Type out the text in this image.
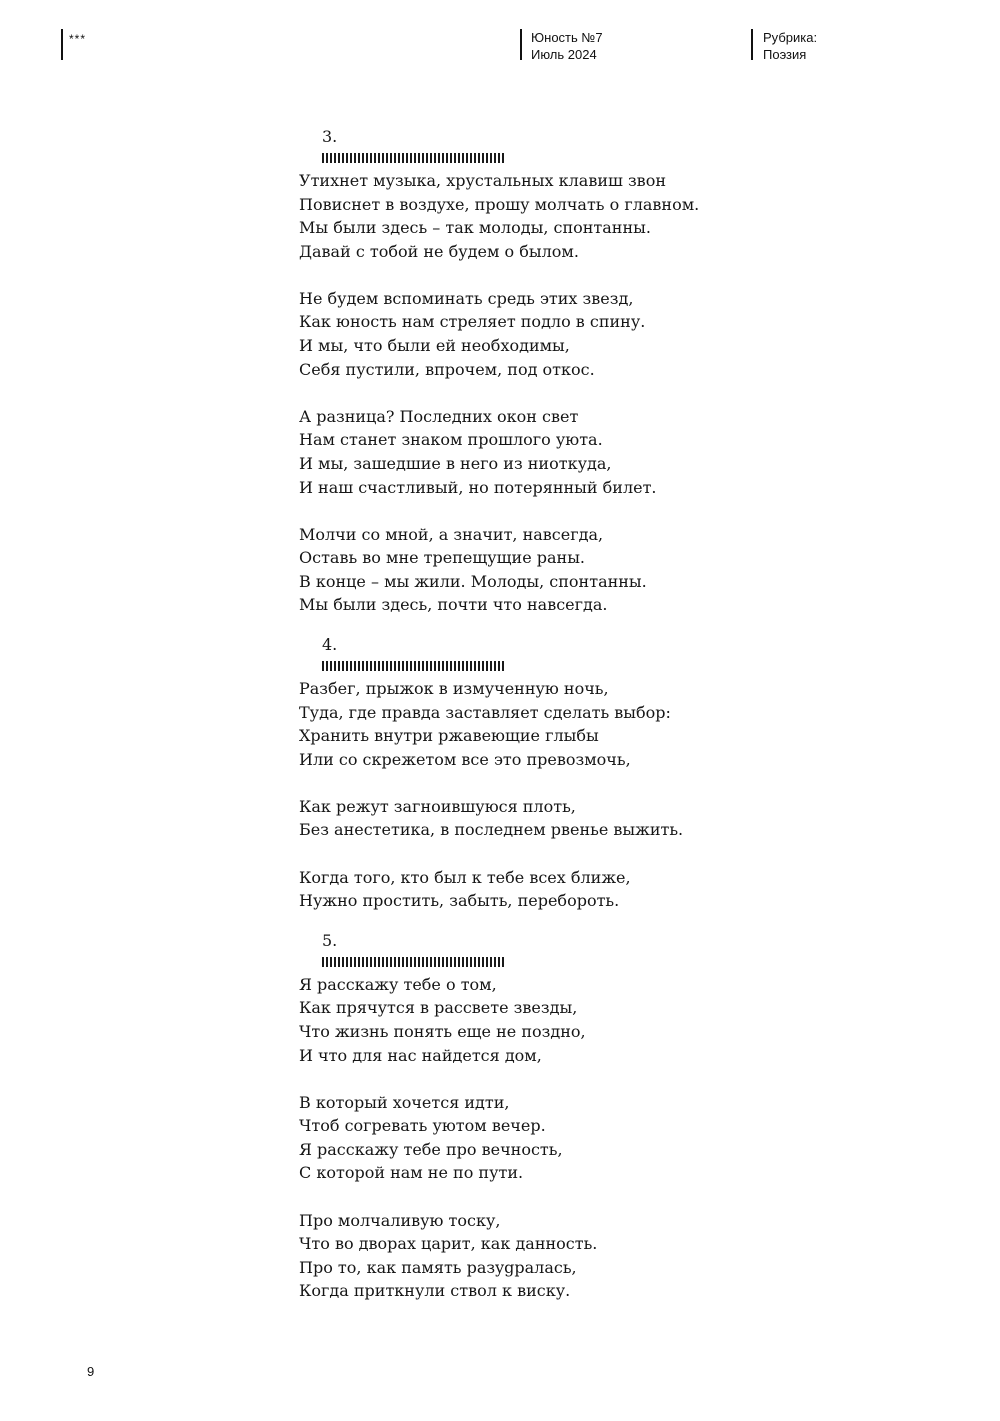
***	Юность №7
Июль 2024
Рубрика:
Поэзия
3.
Утихнет музыка, хрустальных клавиш звон
Повиснет в воздухе, прошу молчать о главном.
Мы были здесь – так молоды, спонтанны.
Давай с тобой не будем о былом.
Не будем вспоминать средь этих звезд,
Как юность нам стреляет подло в спину.
И мы, что были ей необходимы,
Себя пустили, впрочем, под откос.
А разница? Последних окон свет
Нам станет знаком прошлого уюта.
И мы, зашедшие в него из ниоткуда,
И наш счастливый, но потерянный билет.
Молчи со мной, а значит, навсегда,
Оставь во мне трепещущие раны.
В конце – мы жили. Молоды, спонтанны.
Мы были здесь, почти что навсегда.
4.
Разбег, прыжок в измученную ночь,
Туда, где правда заставляет сделать выбор:
Хранить внутри ржавеющие глыбы
Или со скрежетом все это превозмочь,
Как режут загноившуюся плоть,
Без анестетика, в последнем рвенье выжить.
Когда того, кто был к тебе всех ближе,
Нужно простить, забыть, перебороть.
5.
Я расскажу тебе о том,
Как прячутся в рассвете звезды,
Что жизнь понять еще не поздно,
И что для нас найдется дом,
В который хочется идти,
Чтоб согревать уютом вечер.
Я расскажу тебе про вечность,
С которой нам не по пути.
Про молчаливую тоску,
Что во дворах царит, как данность.
Про то, как память разygралась,
Когда приткнули ствол к виску.
9
